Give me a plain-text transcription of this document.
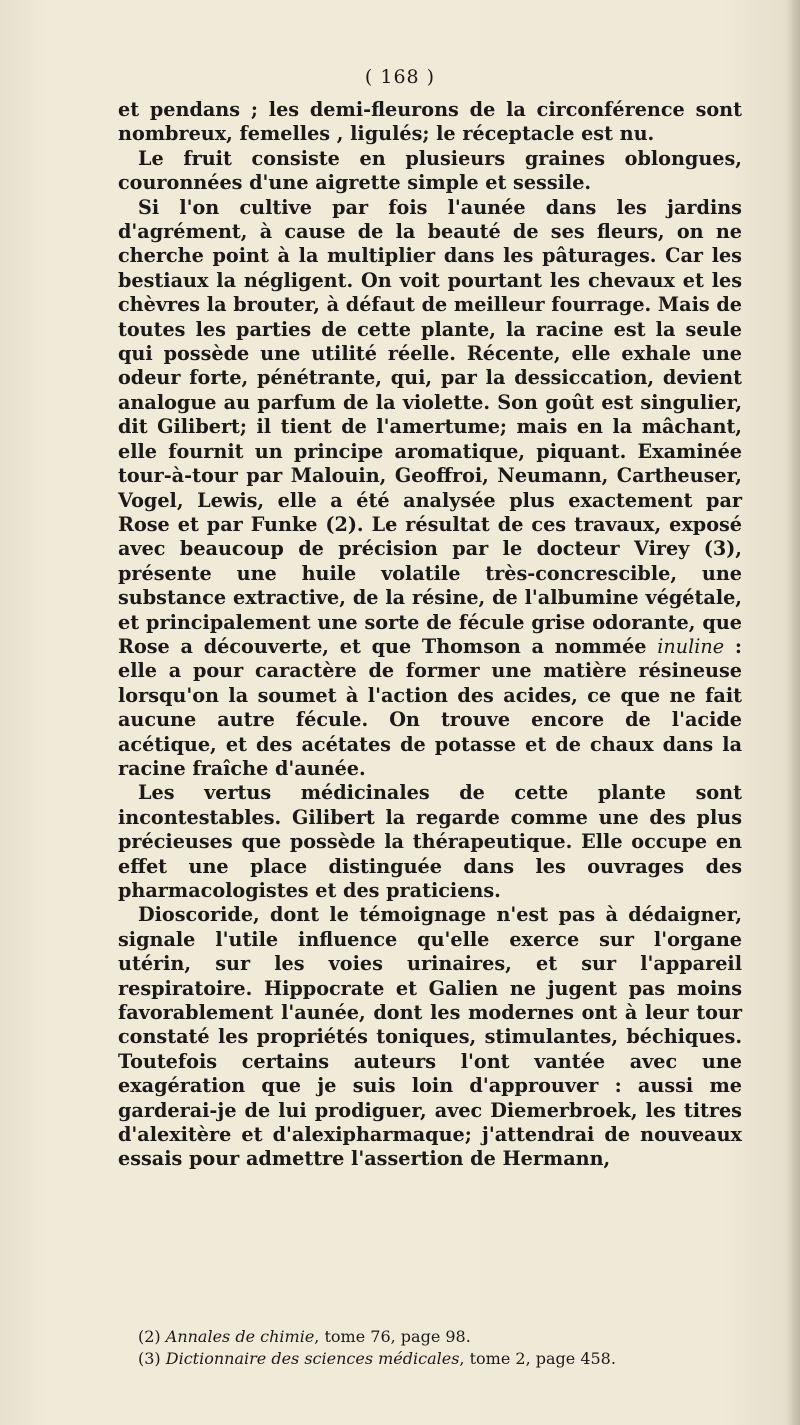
( 168 )

et pendans ; les demi-fleurons de la circonférence sont nombreux, femelles , ligulés; le réceptacle est nu.

Le fruit consiste en plusieurs graines oblongues, couronnées d'une aigrette simple et sessile.

Si l'on cultive par fois l'aunée dans les jardins d'agrément, à cause de la beauté de ses fleurs, on ne cherche point à la multiplier dans les pâturages. Car les bestiaux la négligent. On voit pourtant les chevaux et les chèvres la brouter, à défaut de meilleur fourrage. Mais de toutes les parties de cette plante, la racine est la seule qui possède une utilité réelle. Récente, elle exhale une odeur forte, pénétrante, qui, par la dessiccation, devient analogue au parfum de la violette. Son goût est singulier, dit Gilibert; il tient de l'amertume; mais en la mâchant, elle fournit un principe aromatique, piquant. Examinée tour-à-tour par Malouin, Geoffroi, Neumann, Cartheuser, Vogel, Lewis, elle a été analysée plus exactement par Rose et par Funke (2). Le résultat de ces travaux, exposé avec beaucoup de précision par le docteur Virey (3), présente une huile volatile très-concrescible, une substance extractive, de la résine, de l'albumine végétale, et principalement une sorte de fécule grise odorante, que Rose a découverte, et que Thomson a nommée inuline : elle a pour caractère de former une matière résineuse lorsqu'on la soumet à l'action des acides, ce que ne fait aucune autre fécule. On trouve encore de l'acide acétique, et des acétates de potasse et de chaux dans la racine fraîche d'aunée.

Les vertus médicinales de cette plante sont incontestables. Gilibert la regarde comme une des plus précieuses que possède la thérapeutique. Elle occupe en effet une place distinguée dans les ouvrages des pharmacologistes et des praticiens.

Dioscoride, dont le témoignage n'est pas à dédaigner, signale l'utile influence qu'elle exerce sur l'organe utérin, sur les voies urinaires, et sur l'appareil respiratoire. Hippocrate et Galien ne jugent pas moins favorablement l'aunée, dont les modernes ont à leur tour constaté les propriétés toniques, stimulantes, béchiques. Toutefois certains auteurs l'ont vantée avec une exagération que je suis loin d'approuver : aussi me garderai-je de lui prodiguer, avec Diemerbroek, les titres d'alexitère et d'alexipharmaque; j'attendrai de nouveaux essais pour admettre l'assertion de Hermann,

(2) Annales de chimie, tome 76, page 98.
(3) Dictionnaire des sciences médicales, tome 2, page 458.
